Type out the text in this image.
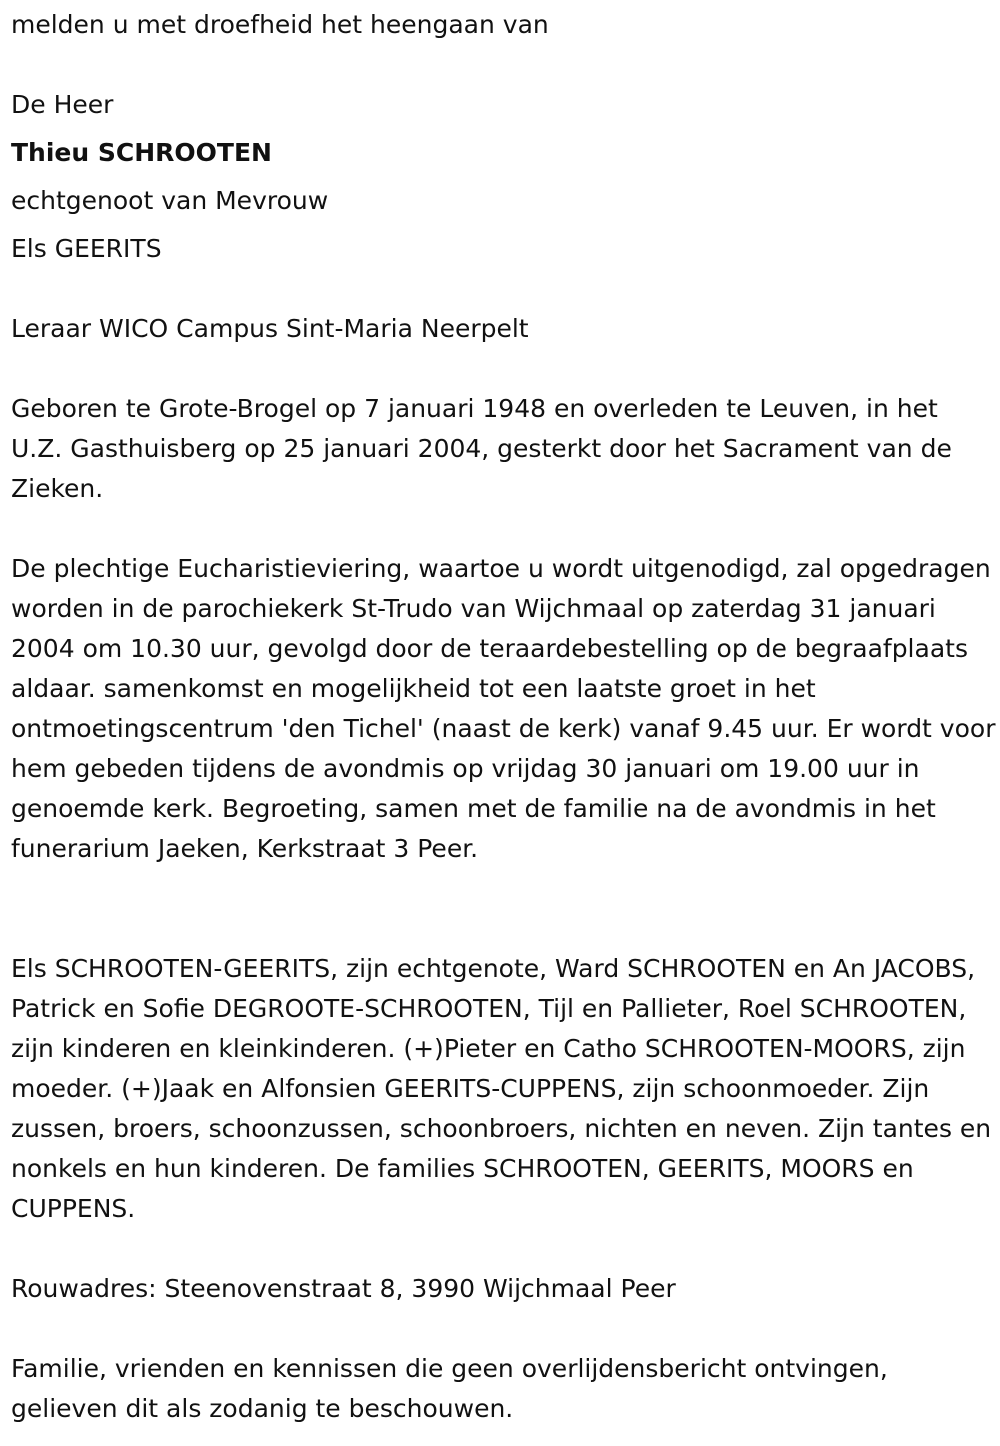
melden u met droefheid het heengaan van
De Heer
Thieu SCHROOTEN
echtgenoot van Mevrouw
Els GEERITS
Leraar WICO Campus Sint-Maria Neerpelt
Geboren te Grote-Brogel op 7 januari 1948 en overleden te Leuven, in het U.Z. Gasthuisberg op 25 januari 2004, gesterkt door het Sacrament van de Zieken.
De plechtige Eucharistieviering, waartoe u wordt uitgenodigd, zal opgedragen worden in de parochiekerk St-Trudo van Wijchmaal op zaterdag 31 januari 2004 om 10.30 uur, gevolgd door de teraardebestelling op de begraafplaats aldaar. samenkomst en mogelijkheid tot een laatste groet in het ontmoetingscentrum 'den Tichel' (naast de kerk) vanaf 9.45 uur. Er wordt voor hem gebeden tijdens de avondmis op vrijdag 30 januari om 19.00 uur in genoemde kerk. Begroeting, samen met de familie na de avondmis in het funerarium Jaeken, Kerkstraat 3 Peer.
Els SCHROOTEN-GEERITS, zijn echtgenote, Ward SCHROOTEN en An JACOBS, Patrick en Sofie DEGROOTE-SCHROOTEN, Tijl en Pallieter, Roel SCHROOTEN, zijn kinderen en kleinkinderen. (+)Pieter en Catho SCHROOTEN-MOORS, zijn moeder. (+)Jaak en Alfonsien GEERITS-CUPPENS, zijn schoonmoeder. Zijn zussen, broers, schoonzussen, schoonbroers, nichten en neven. Zijn tantes en nonkels en hun kinderen. De families SCHROOTEN, GEERITS, MOORS en CUPPENS.
Rouwadres: Steenovenstraat 8, 3990 Wijchmaal Peer
Familie, vrienden en kennissen die geen overlijdensbericht ontvingen, gelieven dit als zodanig te beschouwen.
